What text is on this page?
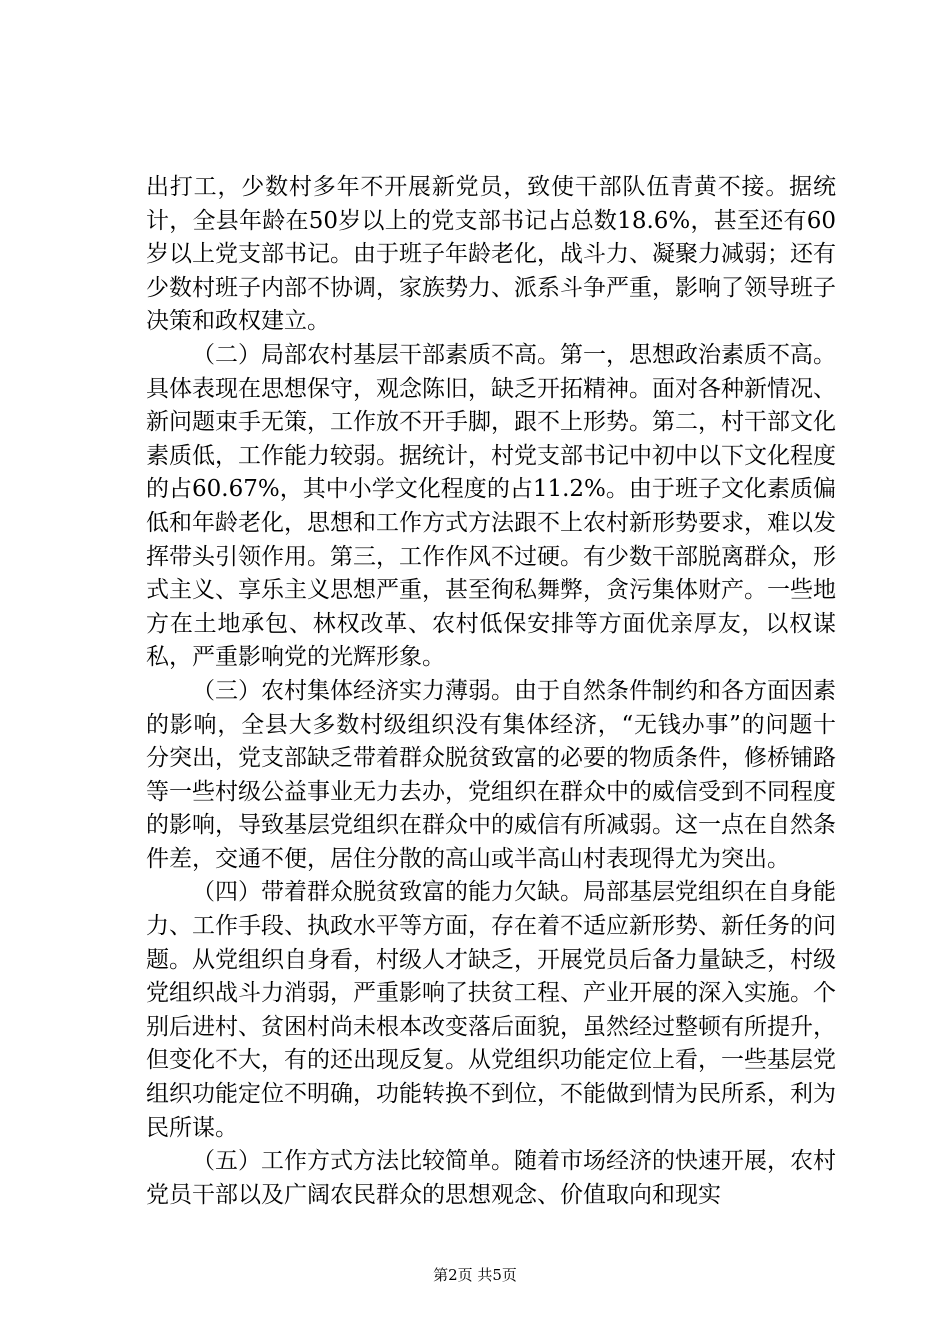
出打工，少数村多年不开展新党员，致使干部队伍青黄不接。据统计，全县年龄在50岁以上的党支部书记占总数18.6%，甚至还有60岁以上党支部书记。由于班子年龄老化，战斗力、凝聚力减弱；还有少数村班子内部不协调，家族势力、派系斗争严重，影响了领导班子决策和政权建立。

（二）局部农村基层干部素质不高。第一，思想政治素质不高。具体表现在思想保守，观念陈旧，缺乏开拓精神。面对各种新情况、新问题束手无策，工作放不开手脚，跟不上形势。第二，村干部文化素质低，工作能力较弱。据统计，村党支部书记中初中以下文化程度的占60.67%，其中小学文化程度的占11.2%。由于班子文化素质偏低和年龄老化，思想和工作方式方法跟不上农村新形势要求，难以发挥带头引领作用。第三，工作作风不过硬。有少数干部脱离群众，形式主义、享乐主义思想严重，甚至徇私舞弊，贪污集体财产。一些地方在土地承包、林权改革、农村低保安排等方面优亲厚友，以权谋私，严重影响党的光辉形象。

（三）农村集体经济实力薄弱。由于自然条件制约和各方面因素的影响，全县大多数村级组织没有集体经济，“无钱办事”的问题十分突出，党支部缺乏带着群众脱贫致富的必要的物质条件，修桥铺路等一些村级公益事业无力去办，党组织在群众中的威信受到不同程度的影响，导致基层党组织在群众中的威信有所减弱。这一点在自然条件差，交通不便，居住分散的高山或半高山村表现得尤为突出。

（四）带着群众脱贫致富的能力欠缺。局部基层党组织在自身能力、工作手段、执政水平等方面，存在着不适应新形势、新任务的问题。从党组织自身看，村级人才缺乏，开展党员后备力量缺乏，村级党组织战斗力消弱，严重影响了扶贫工程、产业开展的深入实施。个别后进村、贫困村尚未根本改变落后面貌，虽然经过整顿有所提升，但变化不大，有的还出现反复。从党组织功能定位上看，一些基层党组织功能定位不明确，功能转换不到位，不能做到情为民所系，利为民所谋。

（五）工作方式方法比较简单。随着市场经济的快速开展，农村党员干部以及广阔农民群众的思想观念、价值取向和现实

第2页 共5页
